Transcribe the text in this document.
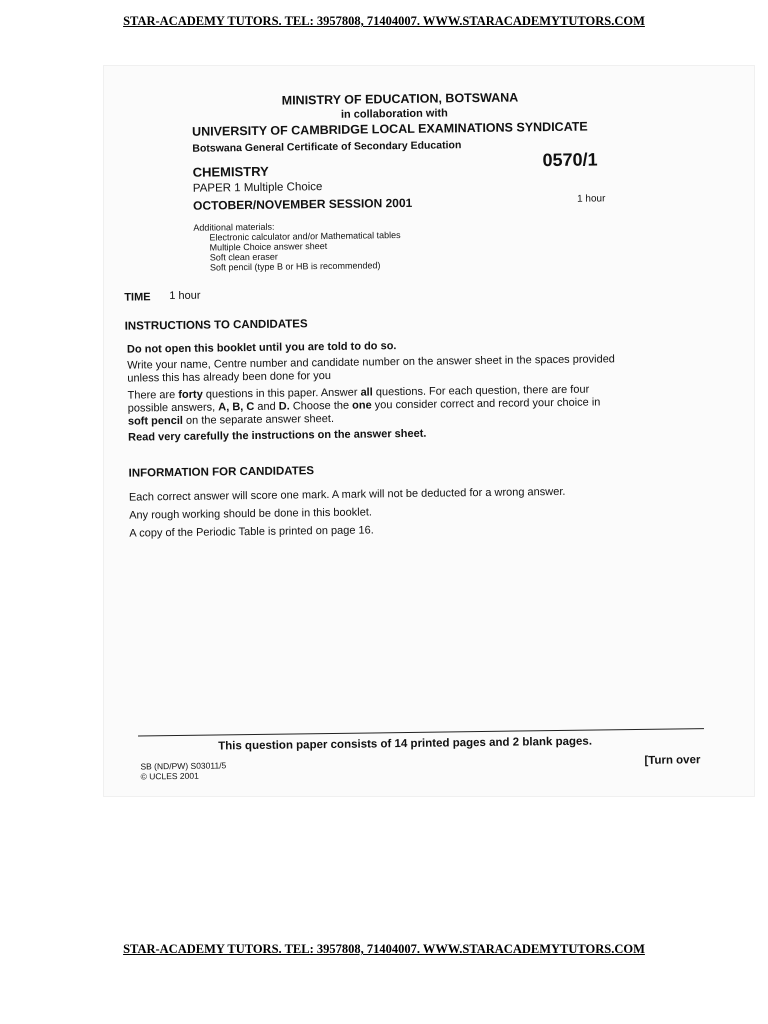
STAR-ACADEMY TUTORS. TEL: 3957808, 71404007. WWW.STARACADEMYTUTORS.COM
MINISTRY OF EDUCATION, BOTSWANA
in collaboration with
UNIVERSITY OF CAMBRIDGE LOCAL EXAMINATIONS SYNDICATE
Botswana General Certificate of Secondary Education
CHEMISTRY
0570/1
PAPER 1 Multiple Choice
OCTOBER/NOVEMBER SESSION 2001	1 hour
Additional materials:
Electronic calculator and/or Mathematical tables
Multiple Choice answer sheet
Soft clean eraser
Soft pencil (type B or HB is recommended)
TIME 1 hour
INSTRUCTIONS TO CANDIDATES
Do not open this booklet until you are told to do so.
Write your name, Centre number and candidate number on the answer sheet in the spaces provided
unless this has already been done for you
There are forty questions in this paper. Answer all questions. For each question, there are four
possible answers, A, B, C and D. Choose the one you consider correct and record your choice in
soft pencil on the separate answer sheet.
Read very carefully the instructions on the answer sheet.
INFORMATION FOR CANDIDATES
Each correct answer will score one mark. A mark will not be deducted for a wrong answer.
Any rough working should be done in this booklet.
A copy of the Periodic Table is printed on page 16.
This question paper consists of 14 printed pages and 2 blank pages.
SB (ND/PW) S03011/5
© UCLES 2001
[Turn over
STAR-ACADEMY TUTORS. TEL: 3957808, 71404007. WWW.STARACADEMYTUTORS.COM
